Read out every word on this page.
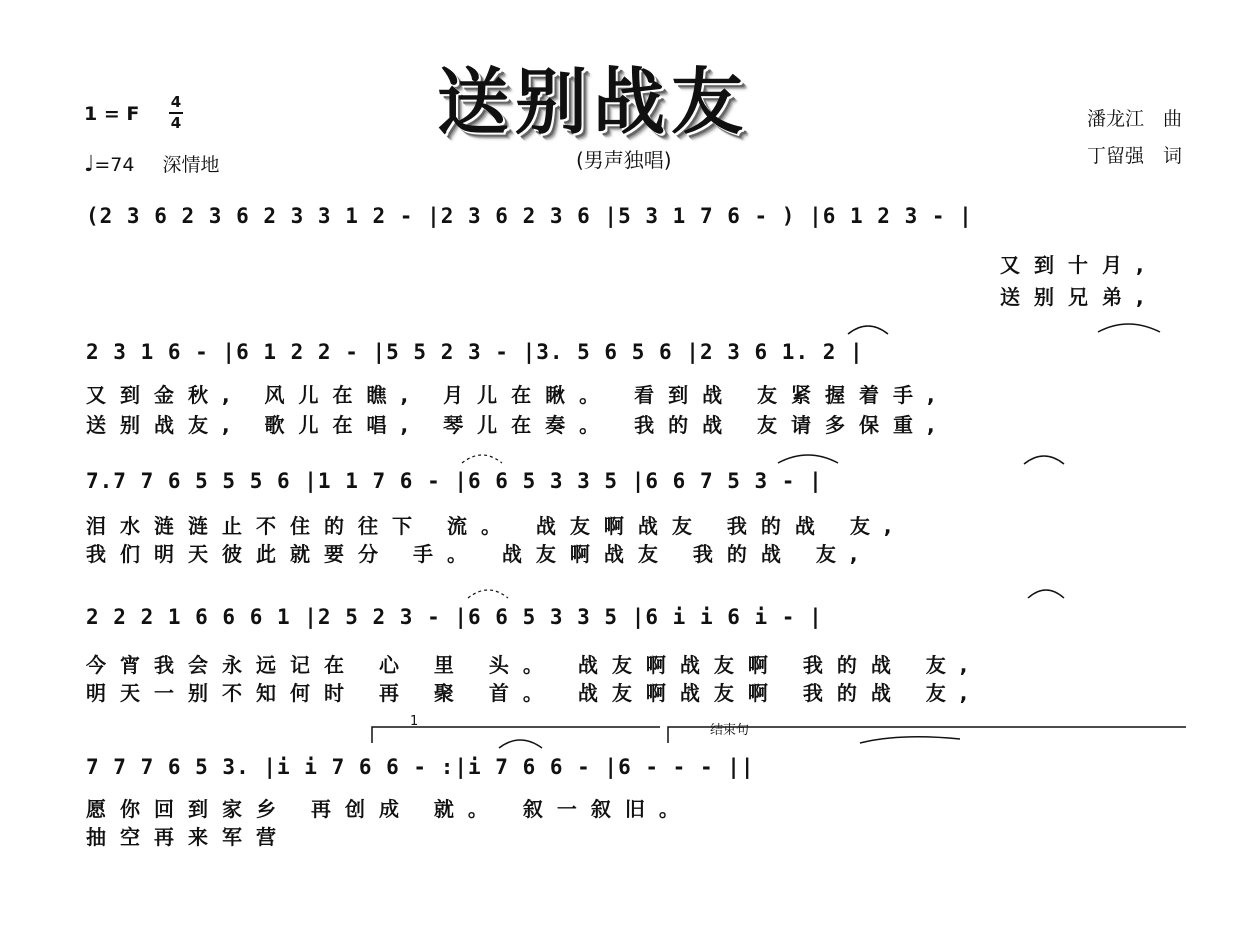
送别战友
(男声独唱)
潘龙江　曲
丁留强　词
1 = F
4
4
♩=74 深情地
(2 3 6 2 3 6 2 3 3 1 2 - |2 3 6 2 3 6 |5 3 1 7 6 - ) |6 1 2 3 - |
又到十月,
送别兄弟,
2 3 1 6 - |6 1 2 2 - |5 5 2 3 - |3. 5 6 5 6 |2 3 6 1. 2 |
又到金秋, 风儿在瞧, 月儿在瞅。 看到战 友紧握着手,
送别战友, 歌儿在唱, 琴儿在奏。 我的战 友请多保重,
7.7 7 6 5 5 5 6 |1 1 7 6 - |6 6 5 3 3 5 |6 6 7 5 3 - |
泪水涟涟止不住的往下 流。 战友啊战友 我的战 友,
我们明天彼此就要分 手。 战友啊战友 我的战 友,
2 2 2 1 6 6 6 1 |2 5 2 3 - |6 6 5 3 3 5 |6 i i 6 i - |
今宵我会永远记在 心 里 头。 战友啊战友啊 我的战 友,
明天一别不知何时 再 聚 首。 战友啊战友啊 我的战 友,
1
结束句
7 7 7 6 5 3. |i i 7 6 6 - :|i 7 6 6 - |6 - - - ||
愿你回到家乡 再创成 就。 叙一叙旧。
抽空再来军营
